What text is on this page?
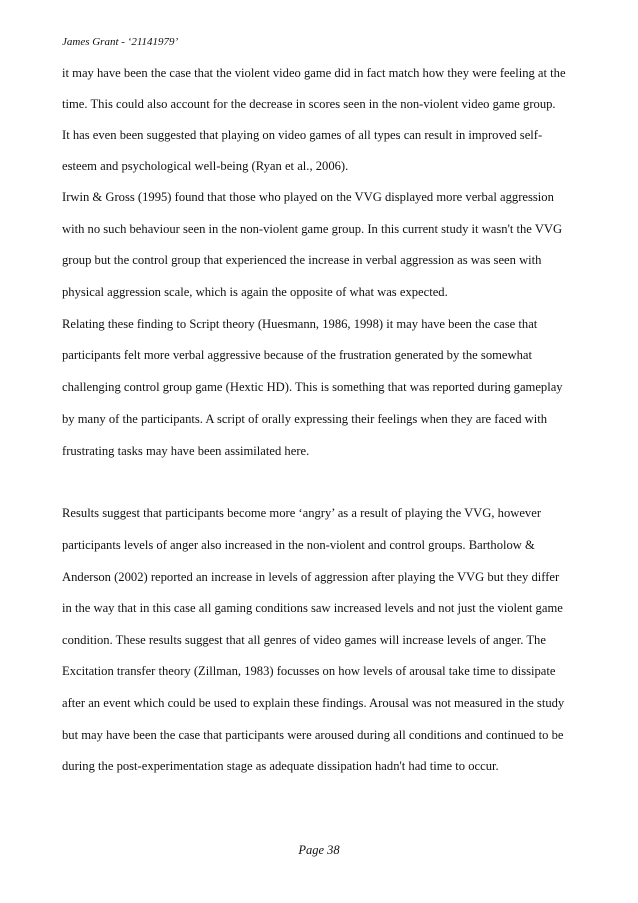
James Grant - ‘21141979’
it may have been the case that the violent video game did in fact match how they were feeling at the
time. This could also account for the decrease in scores seen in the non-violent video game group.
It has even been suggested that playing on video games of all types can result in improved self-
esteem and psychological well-being (Ryan et al., 2006).
Irwin & Gross (1995) found that those who played on the VVG displayed more verbal aggression
with no such behaviour seen in the non-violent game group. In this current study it wasn't the VVG
group but the control group that experienced the increase in verbal aggression as was seen with
physical aggression scale, which is again the opposite of what was expected.
Relating these finding to Script theory (Huesmann, 1986, 1998) it may have been the case that
participants felt more verbal aggressive because of the frustration generated by the somewhat
challenging control group game (Hextic HD). This is something that was reported during gameplay
by many of the participants. A script of orally expressing their feelings when they are faced with
frustrating tasks may have been assimilated here.
Results suggest that participants become more ‘angry’ as a result of playing the VVG, however
participants levels of anger also increased in the non-violent and control groups. Bartholow &
Anderson (2002) reported an increase in levels of aggression after playing the VVG but they differ
in the way that in this case all gaming conditions saw increased levels and not just the violent game
condition. These results suggest that all genres of video games will increase levels of anger. The
Excitation transfer theory (Zillman, 1983) focusses on how levels of arousal take time to dissipate
after an event which could be used to explain these findings. Arousal was not measured in the study
but may have been the case that participants were aroused during all conditions and continued to be
during the post-experimentation stage as adequate dissipation hadn't had time to occur.
Page 38
